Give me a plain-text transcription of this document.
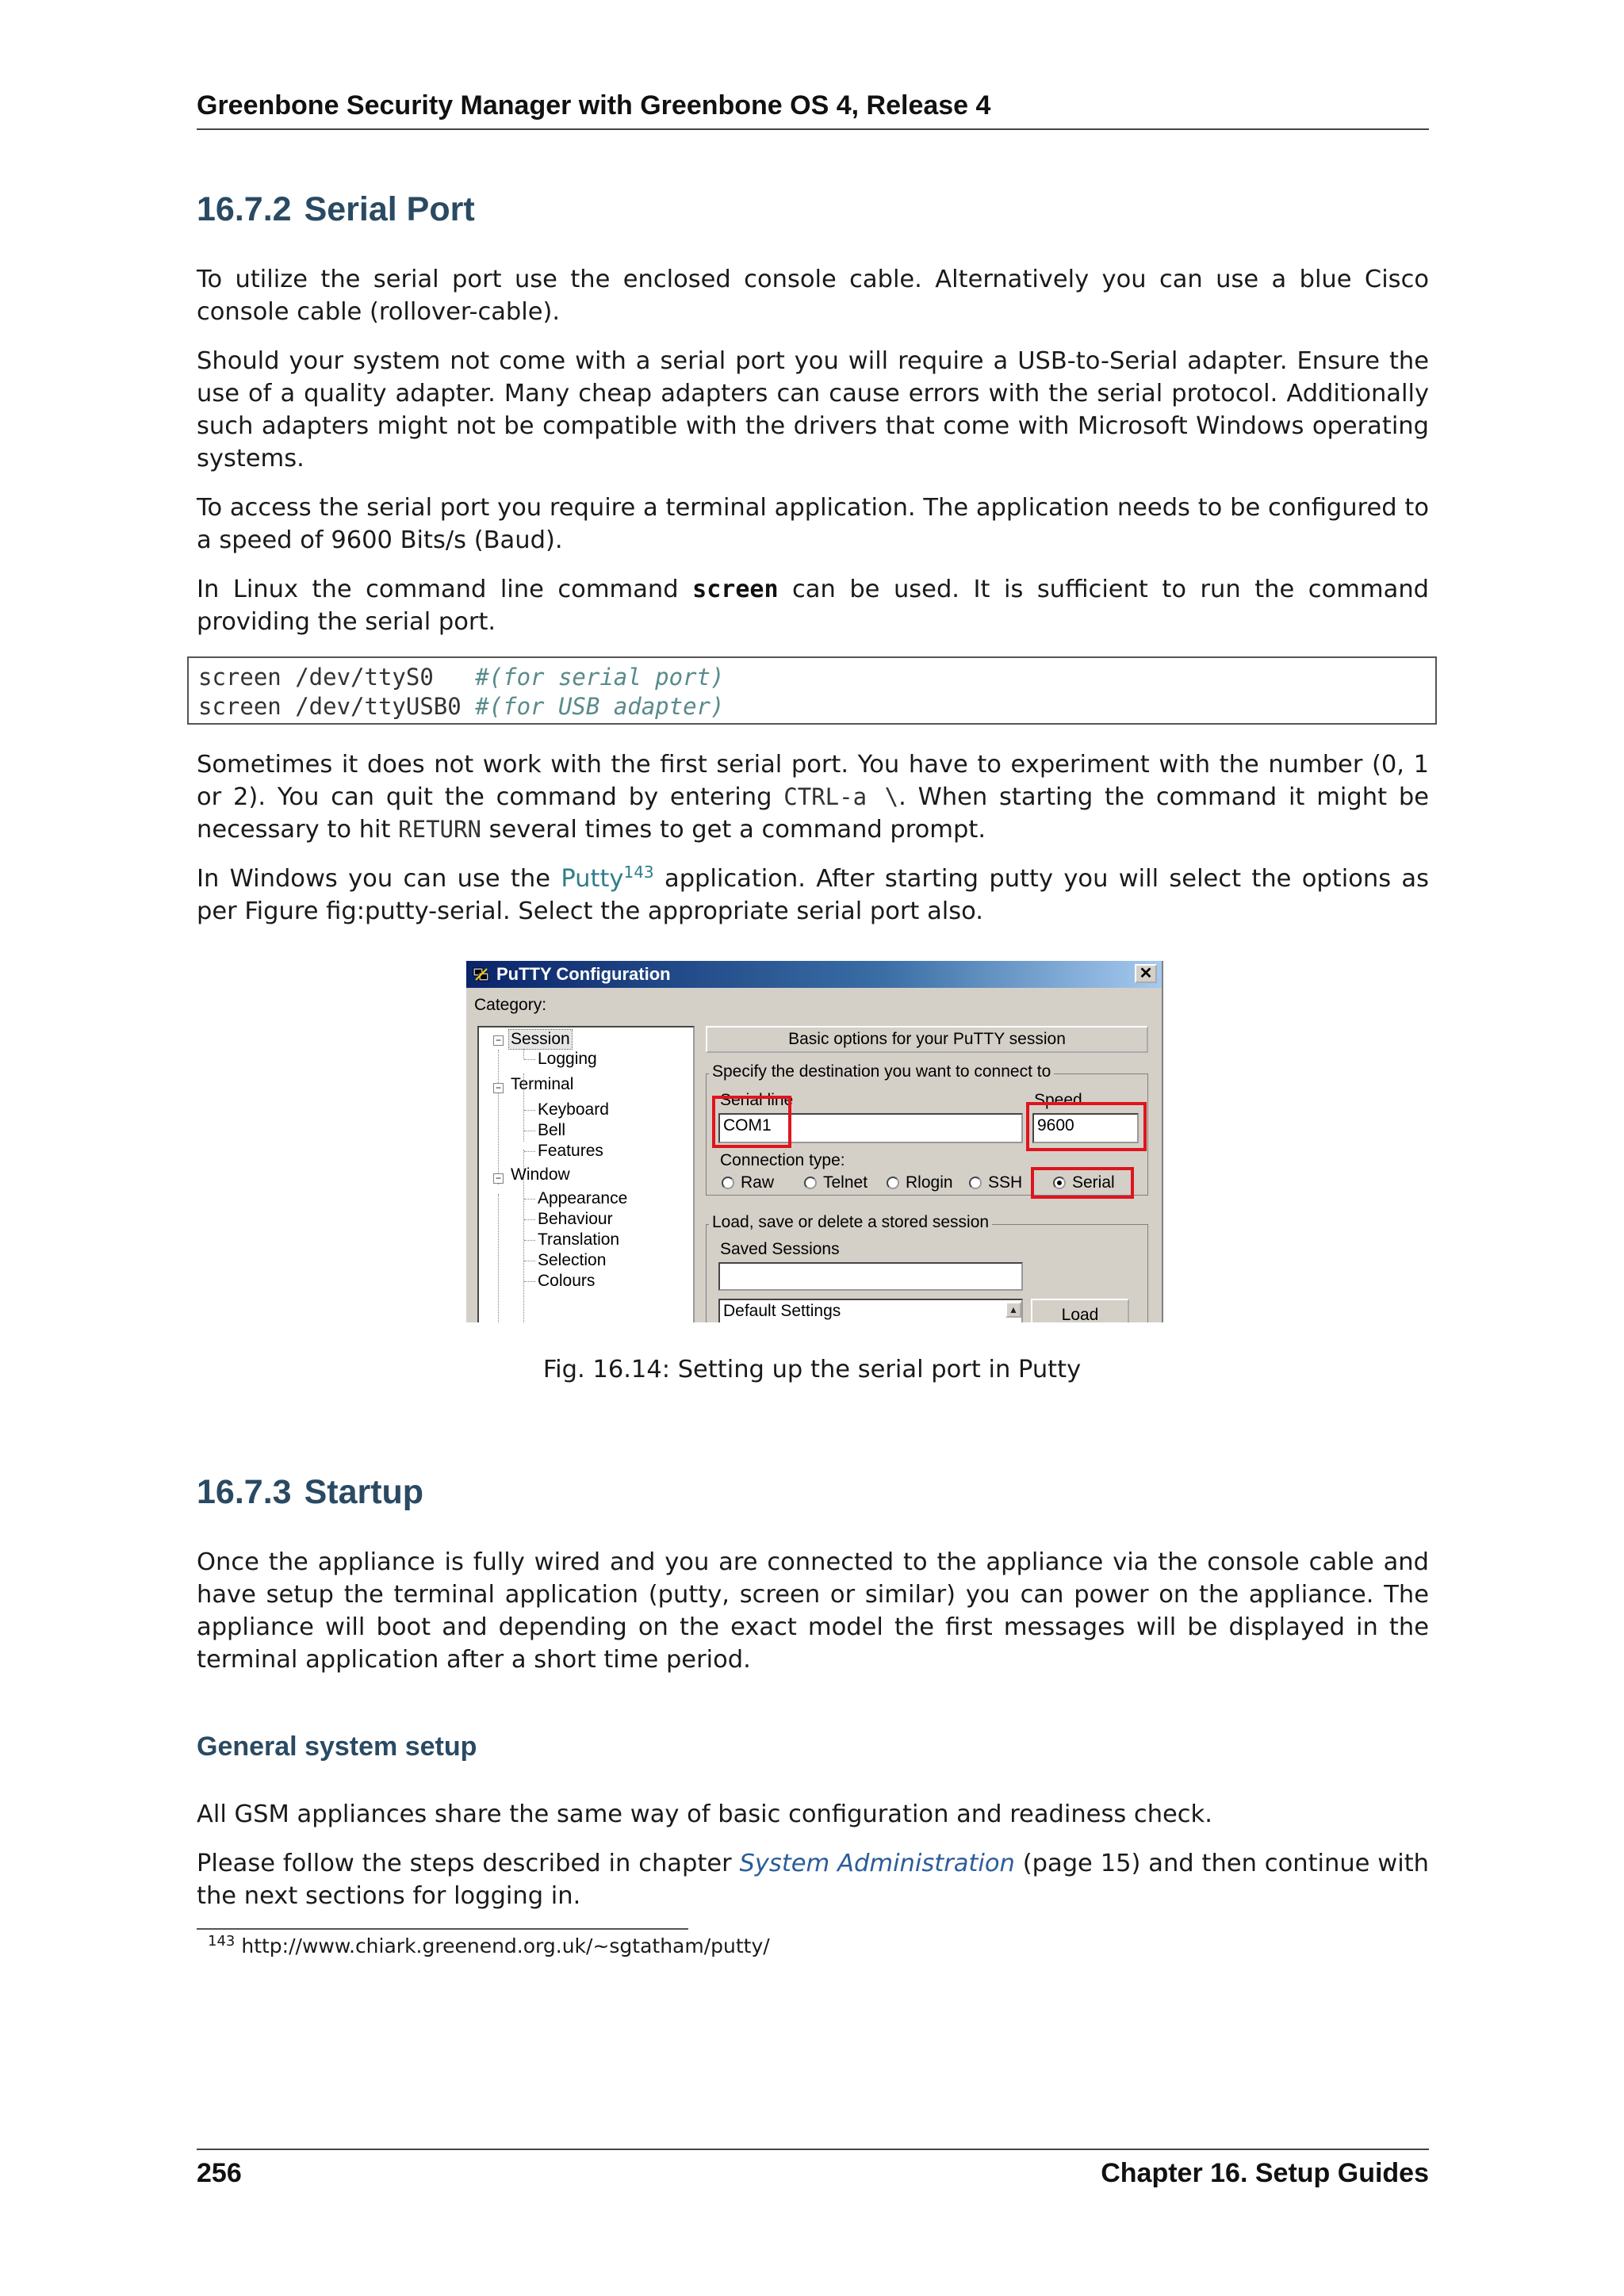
Greenbone Security Manager with Greenbone OS 4, Release 4
16.7.2 Serial Port

To utilize the serial port use the enclosed console cable. Alternatively you can use a blue Cisco console cable (rollover-cable).

Should your system not come with a serial port you will require a USB-to-Serial adapter. Ensure the use of a quality adapter. Many cheap adapters can cause errors with the serial protocol. Additionally such adapters might not be compatible with the drivers that come with Microsoft Windows operating systems.

To access the serial port you require a terminal application. The application needs to be configured to a speed of 9600 Bits/s (Baud).

In Linux the command line command screen can be used. It is sufficient to run the command providing the serial port.

screen /dev/ttyS0   #(for serial port)
screen /dev/ttyUSB0 #(for USB adapter)

Sometimes it does not work with the first serial port. You have to experiment with the number (0, 1 or 2). You can quit the command by entering CTRL-a \. When starting the command it might be necessary to hit RETURN several times to get a command prompt.

In Windows you can use the Putty$^{143}$ application. After starting putty you will select the options as per Figure fig:putty-serial. Select the appropriate serial port also.

PuTTY Configuration	✕
Category:
− Session
Logging
− Terminal
Keyboard
Bell
Features
− Window
Appearance
Behaviour
Translation
Selection
Colours
Basic options for your PuTTY session
Specify the destination you want to connect to
Serial line	Speed
COM1	9600
Connection type:
Raw	Telnet Rlogin SSH	Serial
Load, save or delete a stored session
Saved Sessions
Default Settings	▲	Load
Fig. 16.14: Setting up the serial port in Putty
16.7.3 Startup

Once the appliance is fully wired and you are connected to the appliance via the console cable and have setup the terminal application (putty, screen or similar) you can power on the appliance. The appliance will boot and depending on the exact model the first messages will be displayed in the terminal application after a short time period.

General system setup

All GSM appliances share the same way of basic configuration and readiness check.

Please follow the steps described in chapter System Administration (page 15) and then continue with the next sections for logging in.

$^{143}$ http://www.chiark.greenend.org.uk/~sgtatham/putty/
256	Chapter 16. Setup Guides
